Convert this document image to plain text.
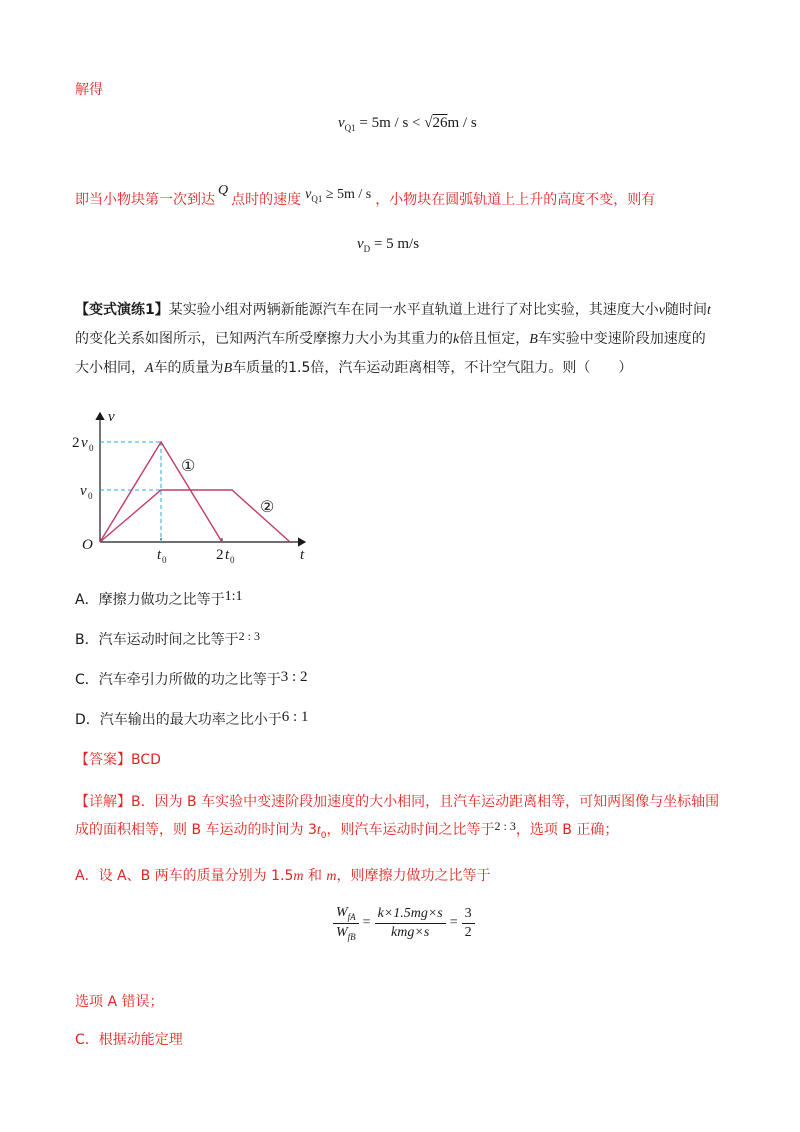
解得
$v_{Q1} = 5m / s < √26m / s$
即当小物块第一次到达Q点时的速度 $v_{Q1} \ge 5m / s$ ，小物块在圆弧轨道上上升的高度不变，则有
$v_D = 5$ m/s
【变式演练1】某实验小组对两辆新能源汽车在同一水平直轨道上进行了对比实验，其速度大小v随时间t
的变化关系如图所示，已知两汽车所受摩擦力大小为其重力的k倍且恒定，B车实验中变速阶段加速度的
大小相同，A车的质量为B车质量的1.5倍，汽车运动距离相等，不计空气阻力。则（　　）
v
t
O
2 v 0
v 0
t 0	2 t 0
①
②
A．摩擦力做功之比等于1:1
B．汽车运动时间之比等于2 : 3
C．汽车牵引力所做的功之比等于3 : 2
D．汽车输出的最大功率之比小于6 : 1
【答案】BCD
【详解】B．因为 B 车实验中变速阶段加速度的大小相同，且汽车运动距离相等，可知两图像与坐标轴围
成的面积相等，则 B 车运动的时间为 $3t_0$，则汽车运动时间之比等于2 : 3，选项 B 正确；
A．设 A、B 两车的质量分别为 1.5m 和 m，则摩擦力做功之比等于
$\frac{W_{fA}}{W_{fB}} = \frac{k\times 1.5mg\times s}{\text{kmg×s}} = \frac{3}{2}$
选项 A 错误；
C．根据动能定理
